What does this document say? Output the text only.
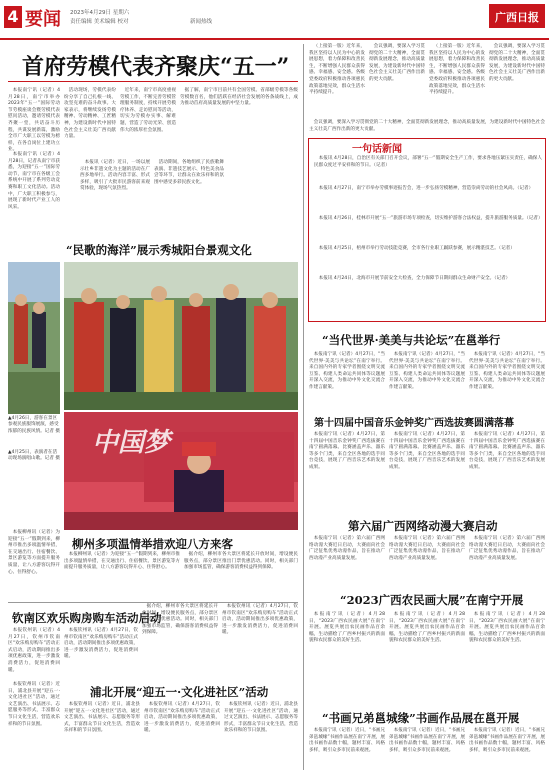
4 要闻 2023年4月29日 星期六
责任编辑 美术编辑 校对	新闻热线	广西日报
首府劳模代表齐聚庆“五一”

本报南宁讯（记者）4月28日，南宁市举办2023年“五一”国际劳动节劳模座谈会暨劳模代表慰问活动，邀请劳模代表齐聚一堂，共话奋斗历程，共谋发展新篇，激励全市广大职工以劳模为榜样，在各自岗位上建功立业。

活动现场，劳模代表纷纷分享了自己扎根一线、攻坚克难的奋斗故事。大家表示，将继续发扬劳模精神、劳动精神、工匠精神，为建设新时代中国特色社会主义壮美广西贡献力量。

近年来，南宁市高度重视劳模工作，不断完善劳模管理服务制度，持续开展劳模疗休养、走访慰问等活动，切实为劳模办实事、解难题，营造了劳动光荣、创造伟大的浓厚社会氛围。

据了解，南宁市目前共有全国劳模、省部级劳模等各级劳模数百名，他们活跃在经济社会发展的各条战线上，成为推动首府高质量发展的中坚力量。

本报南宁讯（记者）4月28日，记者从南宁市获悉，为迎接“五一”国际劳动节，南宁市在各级工会系统中开展了系列劳动竞赛和职工文化活动。活动中，广大职工积极参与，展现了新时代产业工人的风采。

本报讯（记者）近日，一场以展示壮乡非遗文化为主题的活动在广西多地举行。活动内容丰富、形式多样，吸引了大批市民游客前来观赏体验，现场气氛热烈。

活动期间，各地组织了民族歌舞表演、非遗技艺展示、特色美食品尝等环节，让群众在欢乐祥和的氛围中感受多彩民族文化。

“民歌的海洋”展示秀城阳台景观文化
▲4月26日，游客在景区参观民族服饰展演，感受浓郁的民族风情。记者 摄 中国梦
▲4月25日，表演者在活动现场演唱山歌。记者 摄
柳州多项温情举措欢迎八方来客

本报柳州讯（记者）为迎接“五一”假期到来，柳州市推出多项温情举措，在交通出行、住宿餐饮、景区游览等方面提升服务质量，让八方游客玩得开心、住得舒心。

本报柳州讯（记者）为迎接“五一”假期到来，柳州市推出多项温情举措，在交通出行、住宿餐饮、景区游览等方面提升服务质量，让八方游客玩得开心、住得舒心。

据介绍，柳州市各大景区将延长开放时间，增设便民服务点，部分景区推出门票优惠活动。同时，相关部门加强市场监管，确保游客消费权益得到保障。

钦南区欢乐购房购车活动启动

本报钦州讯（记者）4月27日，钦州市钦南区“欢乐购房购车”活动正式启动，活动期间推出多项优惠政策，进一步激发消费活力，促进消费回暖。

本报钦州讯（记者）4月27日，钦州市钦南区“欢乐购房购车”活动正式启动，活动期间推出多项优惠政策，进一步激发消费活力，促进消费回暖。

据介绍，柳州市各大景区将延长开放时间，增设便民服务点，部分景区推出门票优惠活动。同时，相关部门加强市场监管，确保游客消费权益得到保障。

本报钦州讯（记者）4月27日，钦州市钦南区“欢乐购房购车”活动正式启动，活动期间推出多项优惠政策，进一步激发消费活力，促进消费回暖。

浦北开展“迎五一·文化进社区”活动

本报钦州讯（记者）近日，浦北县开展“迎五一·文化进社区”活动，通过文艺演出、书法展示、志愿服务等形式，丰富群众节日文化生活，营造欢乐祥和的节日氛围。

本报钦州讯（记者）近日，浦北县开展“迎五一·文化进社区”活动，通过文艺演出、书法展示、志愿服务等形式，丰富群众节日文化生活，营造欢乐祥和的节日氛围。

本报钦州讯（记者）4月27日，钦州市钦南区“欢乐购房购车”活动正式启动，活动期间推出多项优惠政策，进一步激发消费活力，促进消费回暖。

本报钦州讯（记者）近日，浦北县开展“迎五一·文化进社区”活动，通过文艺演出、书法展示、志愿服务等形式，丰富群众节日文化生活，营造欢乐祥和的节日氛围。

（上接第一版）近年来，我区坚持以人民为中心的发展思想，着力保障和改善民生，不断增强人民群众获得感、幸福感、安全感。各级党委政府积极推动各项惠民政策落地见效，群众生活水平持续提升。

会议强调，要深入学习贯彻党的二十大精神，全面贯彻新发展理念，推动高质量发展，为建设新时代中国特色社会主义壮美广西作出新的更大贡献。

（上接第一版）近年来，我区坚持以人民为中心的发展思想，着力保障和改善民生，不断增强人民群众获得感、幸福感、安全感。各级党委政府积极推动各项惠民政策落地见效，群众生活水平持续提升。

会议强调，要深入学习贯彻党的二十大精神，全面贯彻新发展理念，推动高质量发展，为建设新时代中国特色社会主义壮美广西作出新的更大贡献。

会议强调，要深入学习贯彻党的二十大精神，全面贯彻新发展理念，推动高质量发展，为建设新时代中国特色社会主义壮美广西作出新的更大贡献。

一句话新闻

本报讯 4月28日，自治区有关部门召开会议，部署“五一”假期安全生产工作，要求各地压紧压实责任，确保人民群众度过平安祥和的节日。（记者）

本报讯 4月27日，南宁市举办劳模事迹报告会，进一步弘扬劳模精神，营造崇尚劳动的社会风尚。（记者）

本报讯 4月26日，桂林市开展“五一”旅游市场专项检查，切实维护游客合法权益，提升旅游服务质量。（记者）

本报讯 4月25日，梧州市举行劳动技能竞赛，全市各行业职工踊跃参赛，展示精湛技艺。（记者）

本报讯 4月24日，北海市开展节前安全大检查，全力保障节日期间群众生命财产安全。（记者）

“当代世界·美美与共论坛”在邕举行

本报南宁讯（记者）4月27日，“当代世界·美美与共论坛”在南宁举行。来自国内外的专家学者围绕文明交流互鉴、构建人类命运共同体等议题展开深入交流，为推动中外文化交流合作建言献策。

本报南宁讯（记者）4月27日，“当代世界·美美与共论坛”在南宁举行。来自国内外的专家学者围绕文明交流互鉴、构建人类命运共同体等议题展开深入交流，为推动中外文化交流合作建言献策。

本报南宁讯（记者）4月27日，“当代世界·美美与共论坛”在南宁举行。来自国内外的专家学者围绕文明交流互鉴、构建人类命运共同体等议题展开深入交流，为推动中外文化交流合作建言献策。

第十四届中国音乐金钟奖广西选拔赛圆满落幕

本报南宁讯（记者）4月27日，第十四届中国音乐金钟奖广西选拔赛在南宁圆满落幕。比赛涵盖声乐、器乐等多个门类，来自全区各地的选手同台竞技，展现了广西音乐艺术的发展成果。

本报南宁讯（记者）4月27日，第十四届中国音乐金钟奖广西选拔赛在南宁圆满落幕。比赛涵盖声乐、器乐等多个门类，来自全区各地的选手同台竞技，展现了广西音乐艺术的发展成果。

本报南宁讯（记者）4月27日，第十四届中国音乐金钟奖广西选拔赛在南宁圆满落幕。比赛涵盖声乐、器乐等多个门类，来自全区各地的选手同台竞技，展现了广西音乐艺术的发展成果。

第六届广西网络动漫大赛启动

本报南宁讯（记者）第六届广西网络动漫大赛近日启动，大赛面向社会广泛征集优秀动漫作品，旨在推动广西动漫产业高质量发展。

本报南宁讯（记者）第六届广西网络动漫大赛近日启动，大赛面向社会广泛征集优秀动漫作品，旨在推动广西动漫产业高质量发展。

本报南宁讯（记者）第六届广西网络动漫大赛近日启动，大赛面向社会广泛征集优秀动漫作品，旨在推动广西动漫产业高质量发展。

“2023广西农民画大展”在南宁开展

本报南宁讯（记者）4月28日，“2023广西农民画大展”在南宁开展。展览共展出农民画作品百余幅，生动描绘了广西乡村振兴的新面貌和农民群众的美好生活。

本报南宁讯（记者）4月28日，“2023广西农民画大展”在南宁开展。展览共展出农民画作品百余幅，生动描绘了广西乡村振兴的新面貌和农民群众的美好生活。

本报南宁讯（记者）4月28日，“2023广西农民画大展”在南宁开展。展览共展出农民画作品百余幅，生动描绘了广西乡村振兴的新面貌和农民群众的美好生活。

“书画兄弟邕城缘”书画作品展在邕开展

本报南宁讯（记者）近日，“书画兄弟邕城缘”书画作品展在南宁开展，展出书画作品数十幅，题材丰富、风格多样，吸引众多市民前来观展。

本报南宁讯（记者）近日，“书画兄弟邕城缘”书画作品展在南宁开展，展出书画作品数十幅，题材丰富、风格多样，吸引众多市民前来观展。

本报南宁讯（记者）近日，“书画兄弟邕城缘”书画作品展在南宁开展，展出书画作品数十幅，题材丰富、风格多样，吸引众多市民前来观展。
